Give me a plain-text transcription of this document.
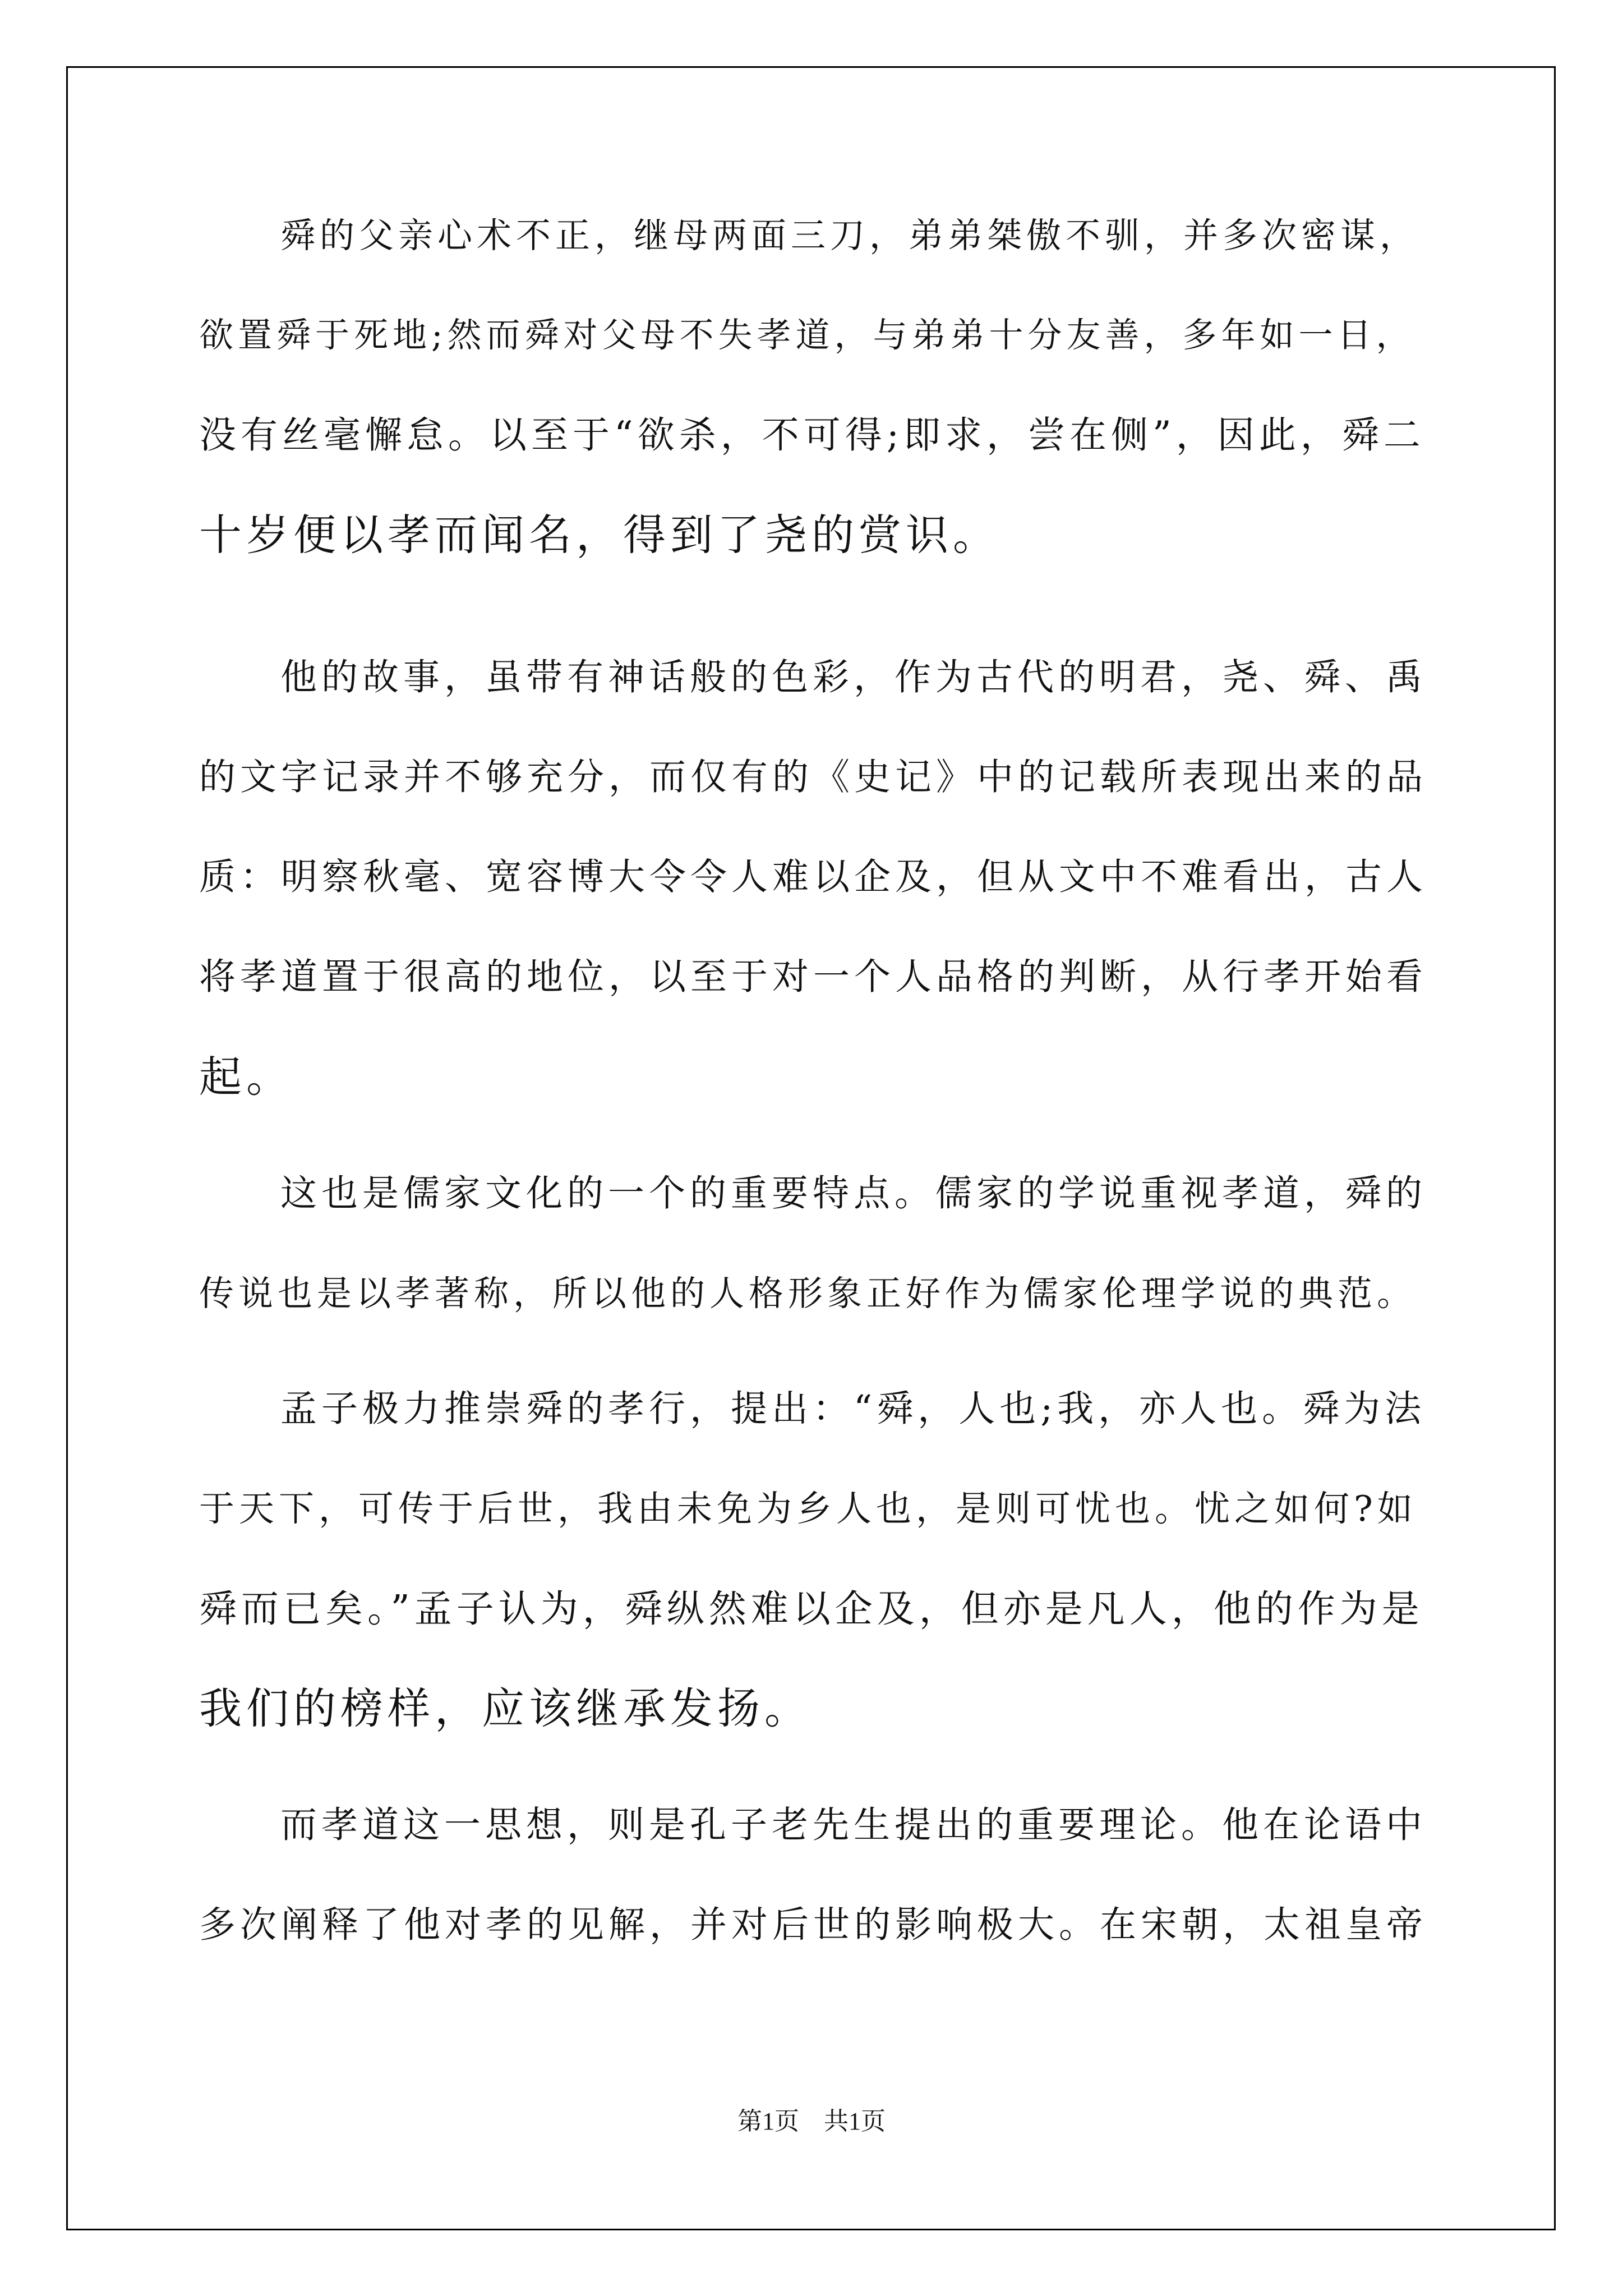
舜的父亲心术不正，继母两面三刀，弟弟桀傲不驯，并多次密谋，
欲置舜于死地;然而舜对父母不失孝道，与弟弟十分友善，多年如一日，
没有丝毫懈怠。以至于“欲杀，不可得;即求，尝在侧”，因此，舜二
十岁便以孝而闻名，得到了尧的赏识。
他的故事，虽带有神话般的色彩，作为古代的明君，尧、舜、禹
的文字记录并不够充分，而仅有的《史记》中的记载所表现出来的品
质：明察秋毫、宽容博大令令人难以企及，但从文中不难看出，古人
将孝道置于很高的地位，以至于对一个人品格的判断，从行孝开始看
起。
这也是儒家文化的一个的重要特点。儒家的学说重视孝道，舜的
传说也是以孝著称，所以他的人格形象正好作为儒家伦理学说的典范。
孟子极力推崇舜的孝行，提出：“舜，人也;我，亦人也。舜为法
于天下，可传于后世，我由未免为乡人也，是则可忧也。忧之如何?如
舜而已矣。”孟子认为，舜纵然难以企及，但亦是凡人，他的作为是
我们的榜样，应该继承发扬。
而孝道这一思想，则是孔子老先生提出的重要理论。他在论语中
多次阐释了他对孝的见解，并对后世的影响极大。在宋朝，太祖皇帝
第1页　共1页
